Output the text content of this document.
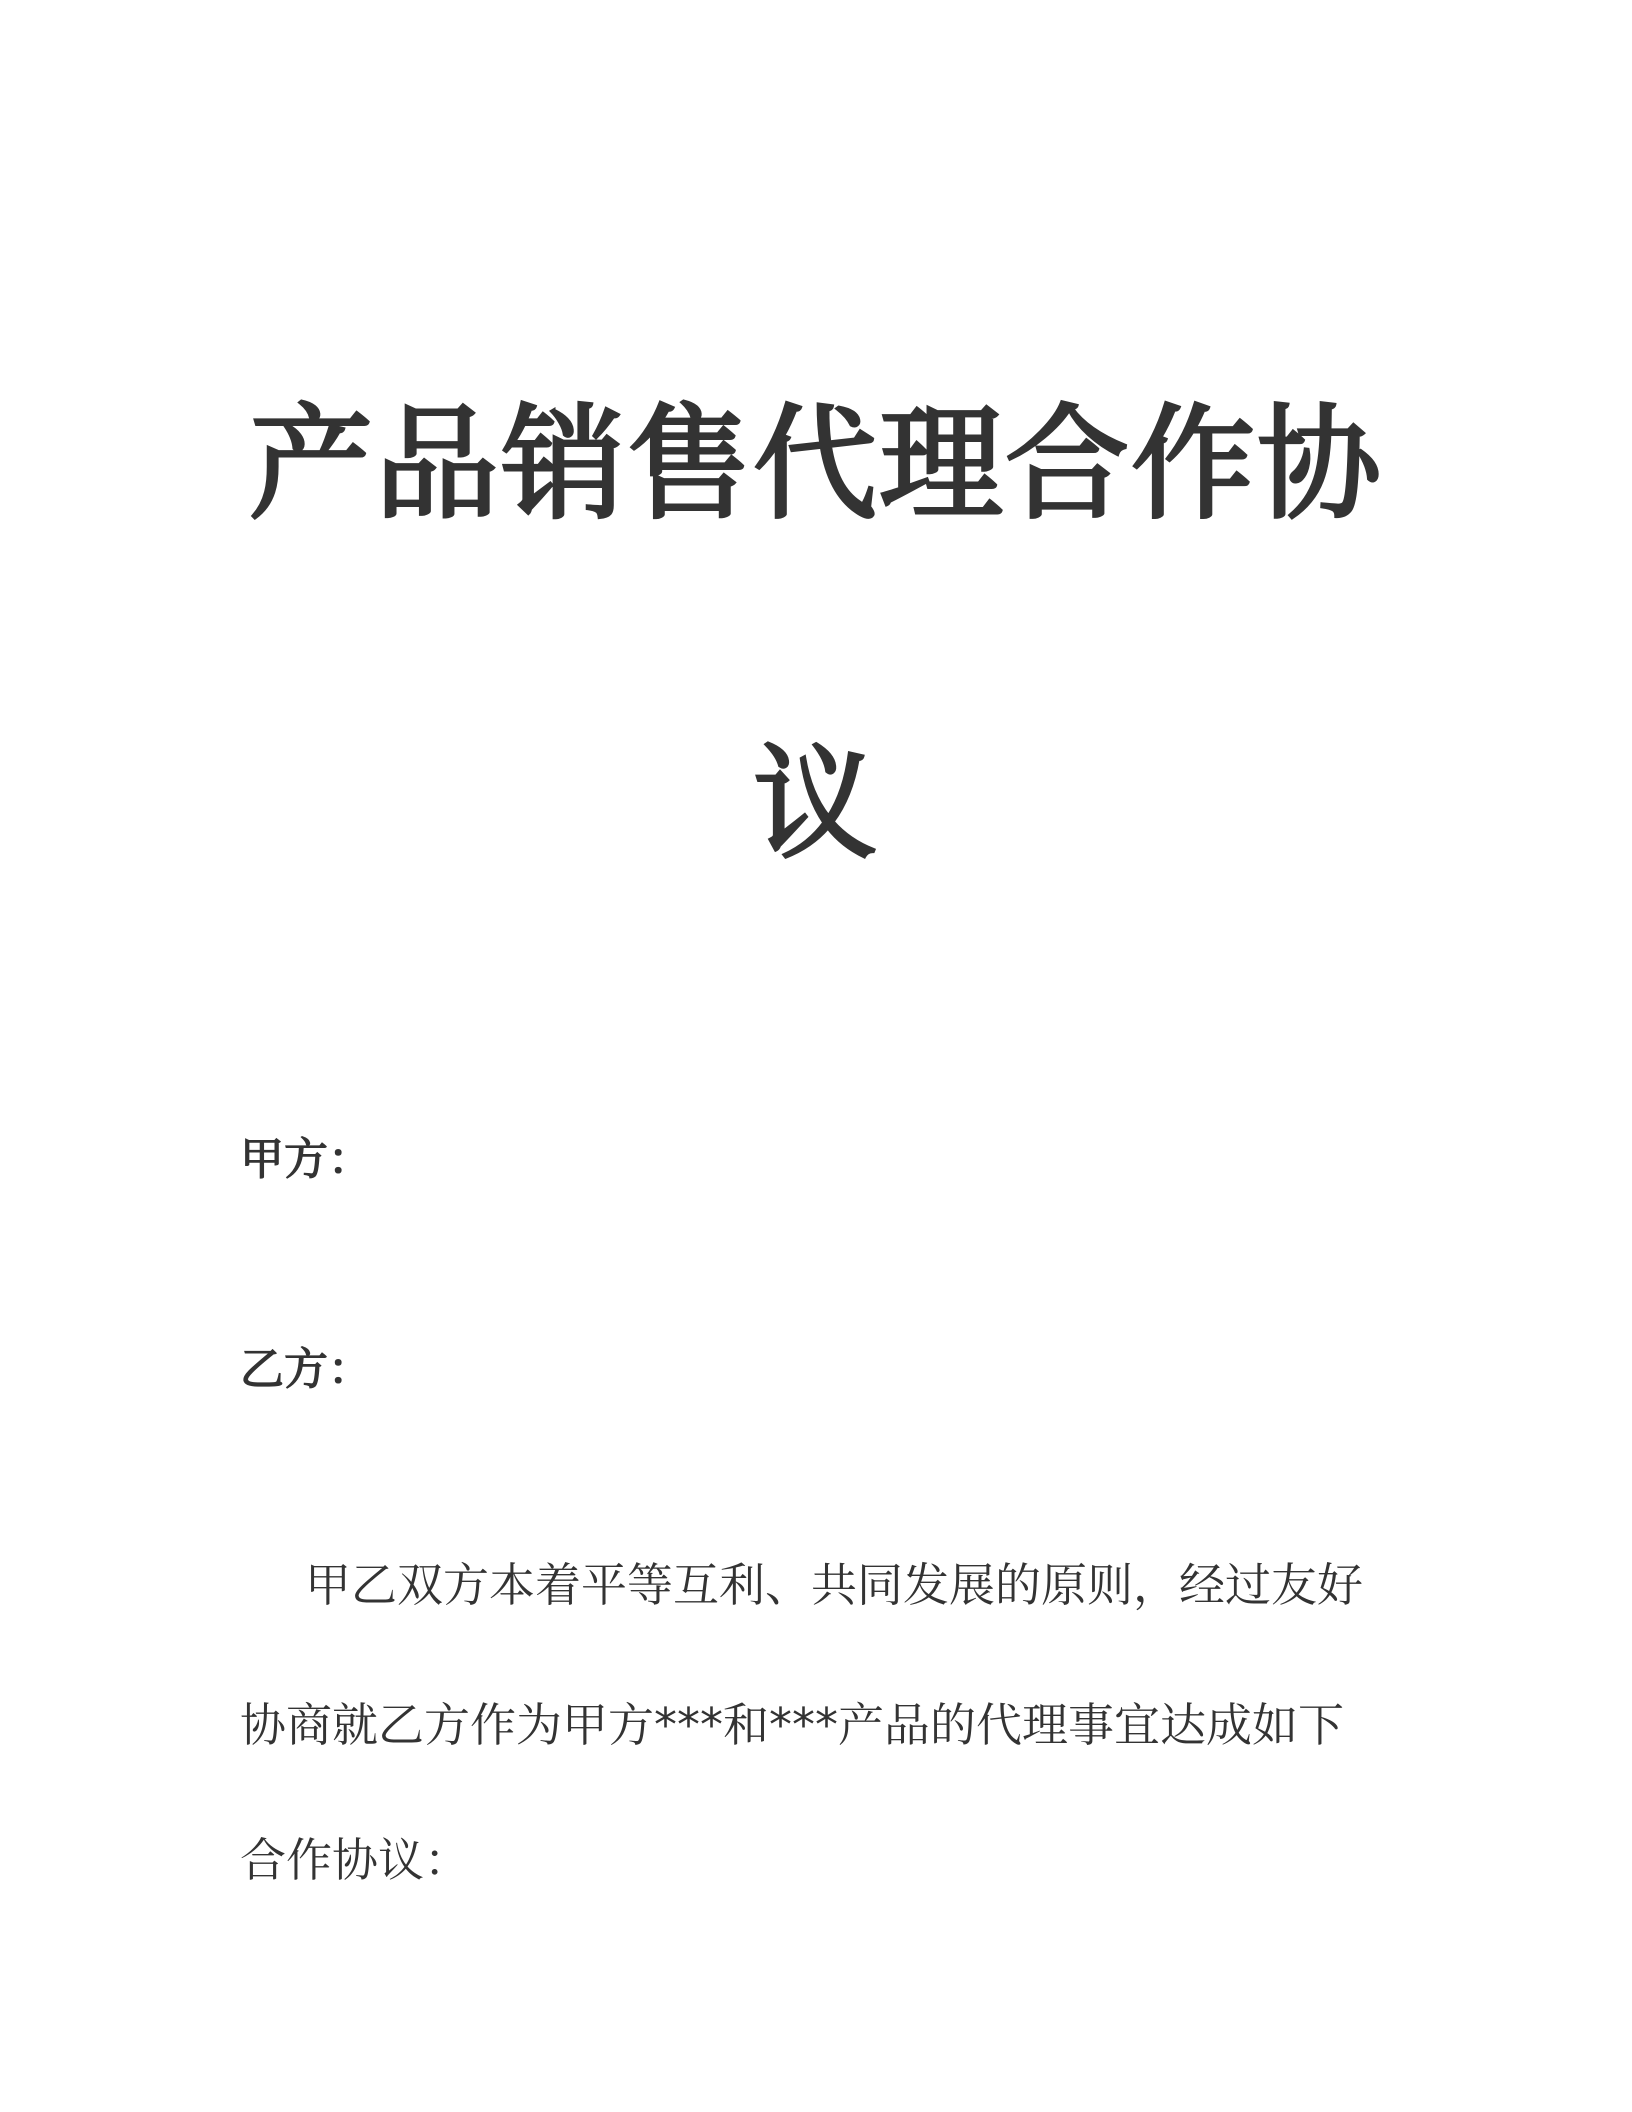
产品销售代理合作协
议
甲方：
乙方：
甲乙双方本着平等互利、共同发展的原则，经过友好
协商就乙方作为甲方***和***产品的代理事宜达成如下
合作协议：
